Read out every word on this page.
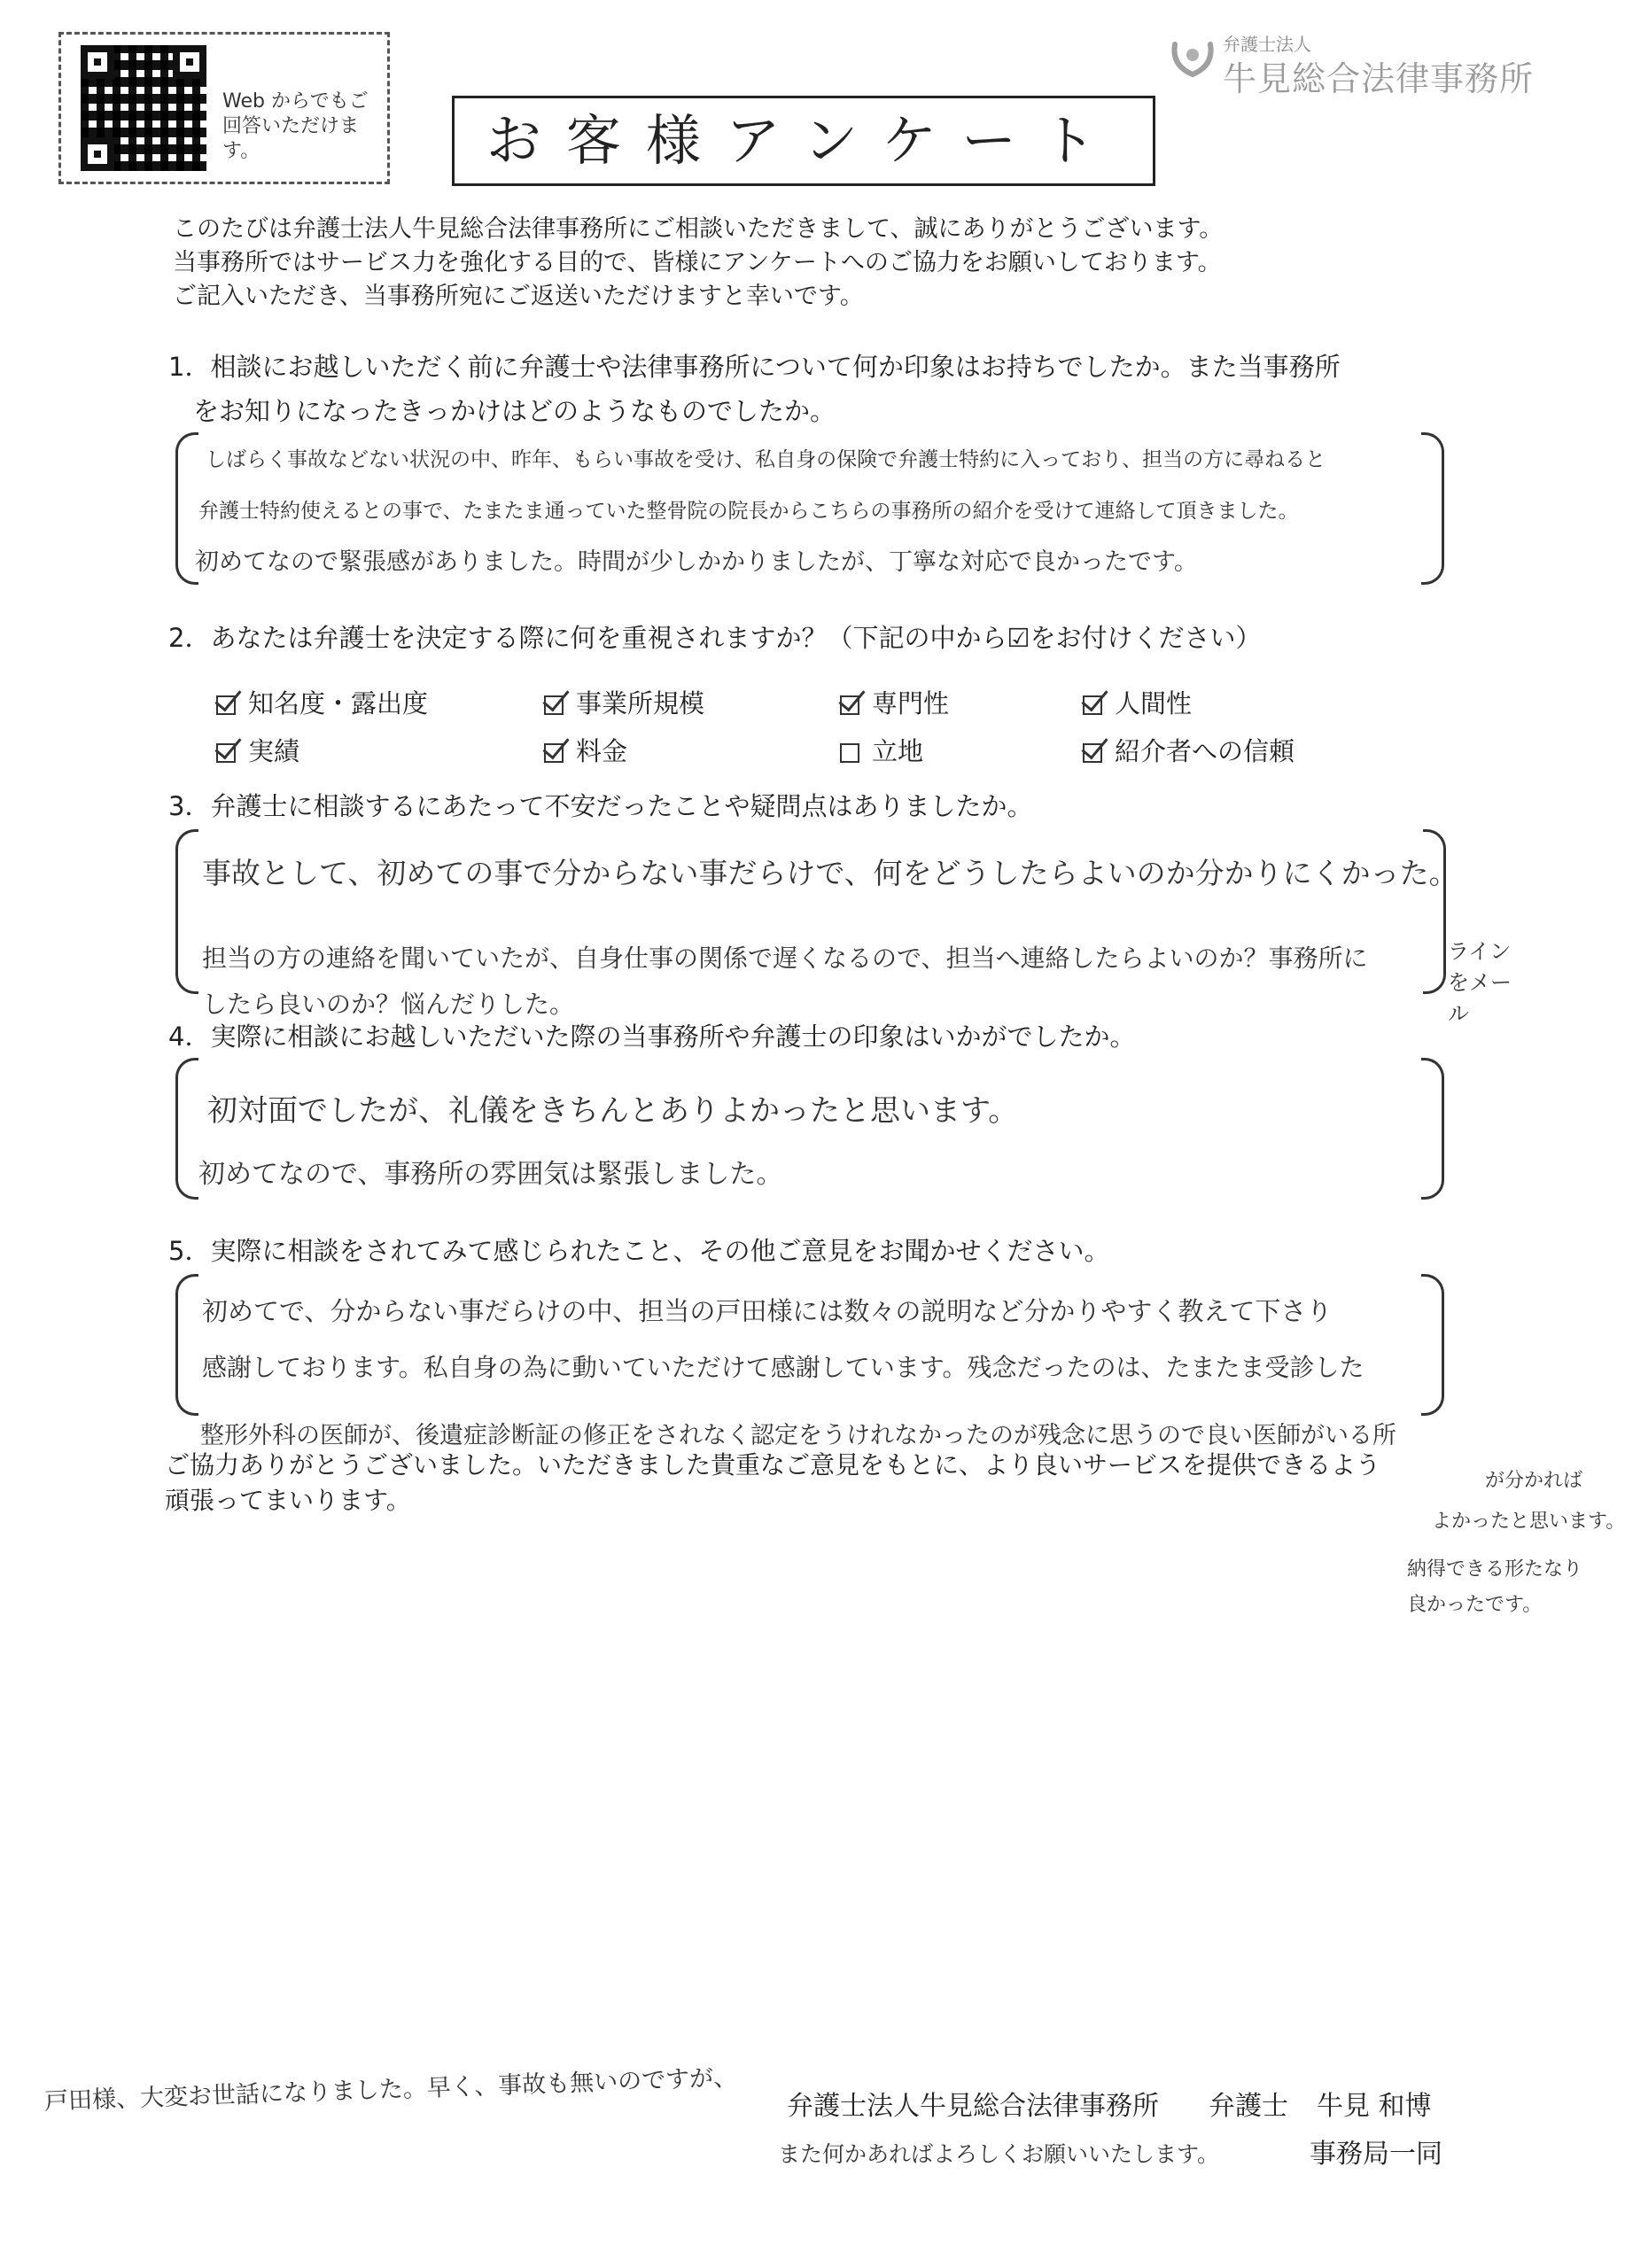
Web からでもご回答いただけます。
弁護士法人
牛見総合法律事務所
お客様アンケート
このたびは弁護士法人牛見総合法律事務所にご相談いただきまして、誠にありがとうございます。
当事務所ではサービス力を強化する目的で、皆様にアンケートへのご協力をお願いしております。
ご記入いただき、当事務所宛にご返送いただけますと幸いです。
1．相談にお越しいただく前に弁護士や法律事務所について何か印象はお持ちでしたか。また当事務所
をお知りになったきっかけはどのようなものでしたか。
しばらく事故などない状況の中、昨年、もらい事故を受け、私自身の保険で弁護士特約に入っており、担当の方に尋ねると
弁護士特約使えるとの事で、たまたま通っていた整骨院の院長からこちらの事務所の紹介を受けて連絡して頂きました。
初めてなので緊張感がありました。時間が少しかかりましたが、丁寧な対応で良かったです。
2．あなたは弁護士を決定する際に何を重視されますか？（下記の中から☑をお付けください）
知名度・露出度	事業所規模	専門性	人間性
実績	料金	立地	紹介者への信頼
3．弁護士に相談するにあたって不安だったことや疑問点はありましたか。
事故として、初めての事で分からない事だらけで、何をどうしたらよいのか分かりにくかった。
担当の方の連絡を聞いていたが、自身仕事の関係で遅くなるので、担当へ連絡したらよいのか？事務所に
したら良いのか？悩んだりした。
ラインをメール
4．実際に相談にお越しいただいた際の当事務所や弁護士の印象はいかがでしたか。
初対面でしたが、礼儀をきちんとありよかったと思います。
初めてなので、事務所の雰囲気は緊張しました。
5．実際に相談をされてみて感じられたこと、その他ご意見をお聞かせください。
初めてで、分からない事だらけの中、担当の戸田様には数々の説明など分かりやすく教えて下さり
感謝しております。私自身の為に動いていただけて感謝しています。残念だったのは、たまたま受診した
整形外科の医師が、後遺症診断証の修正をされなく認定をうけれなかったのが残念に思うので良い医師がいる所
が分かれば
よかったと思います。
納得できる形たなり良かったです。
ご協力ありがとうございました。いただきました貴重なご意見をもとに、より良いサービスを提供できるよう
頑張ってまいります。
戸田様、大変お世話になりました。早く、事故も無いのですが、
また何かあればよろしくお願いいたします。
弁護士法人牛見総合法律事務所 弁護士 牛見 和博
事務局一同
